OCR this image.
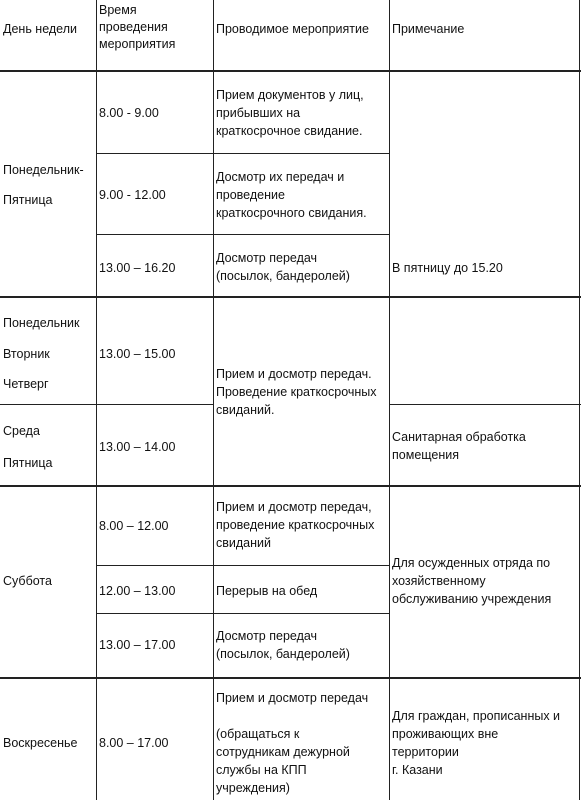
День недели
Время
проведения
мероприятия
Проводимое мероприятие Примечание
Понедельник-
Пятница
8.00 - 9.00
Прием документов у лиц,
прибывших на
краткосрочное свидание.
9.00 - 12.00
Досмотр их передач и
проведение
краткосрочного свидания.
13.00 – 16.20
Досмотр передач
(посылок, бандеролей)
В пятницу до 15.20
Понедельник
Вторник
Четверг
13.00 – 15.00
Прием и досмотр передач.
Проведение краткосрочных
свиданий.
Среда
Пятница
13.00 – 14.00
Санитарная обработка
помещения
Суббота
8.00 – 12.00
Прием и досмотр передач,
проведение краткосрочных
свиданий
12.00 – 13.00	Перерыв на обед
13.00 – 17.00
Досмотр передач
(посылок, бандеролей)
Для осужденных отряда по
хозяйственному
обслуживанию учреждения
Воскресенье 8.00 – 17.00
Прием и досмотр передач

(обращаться к
сотрудникам дежурной
службы на КПП
учреждения)
Для граждан, прописанных и
проживающих вне
территории
г. Казани
